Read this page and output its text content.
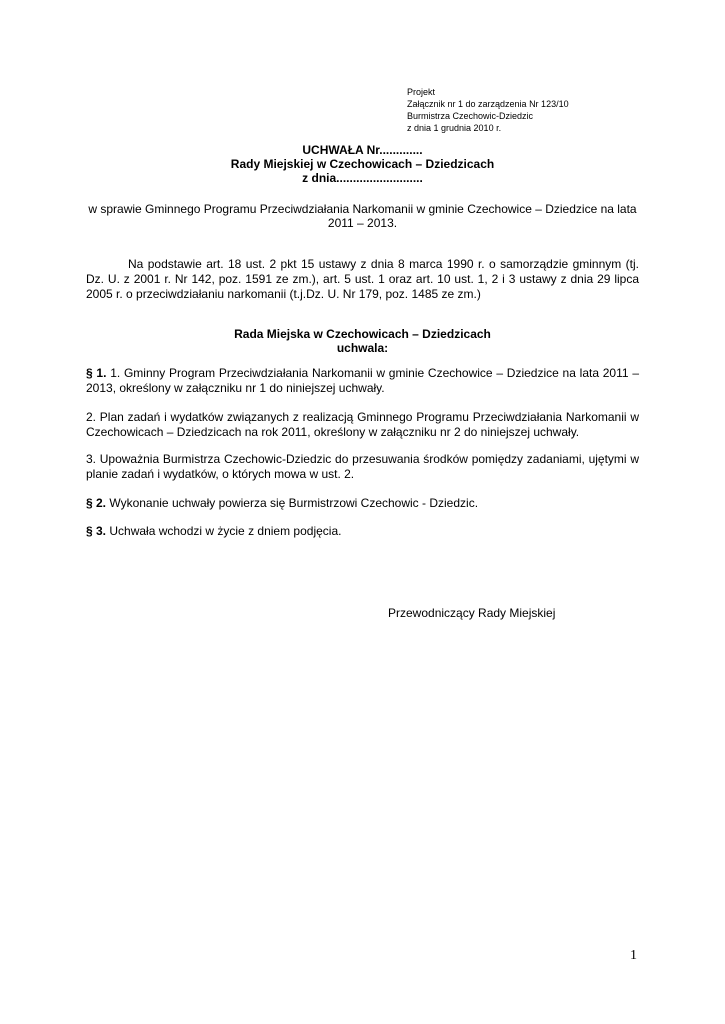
Projekt
Załącznik nr 1 do zarządzenia Nr 123/10
Burmistrza Czechowic-Dziedzic
z dnia 1 grudnia 2010 r.
UCHWAŁA Nr.............
Rady Miejskiej w Czechowicach – Dziedzicach
z dnia..........................
w sprawie Gminnego Programu Przeciwdziałania Narkomanii w gminie Czechowice – Dziedzice na lata 2011 – 2013.
Na podstawie art. 18 ust. 2 pkt 15 ustawy z dnia 8 marca 1990 r. o samorządzie gminnym (tj. Dz. U. z 2001 r. Nr 142, poz. 1591 ze zm.), art. 5 ust. 1 oraz art. 10 ust. 1, 2 i 3 ustawy z dnia 29 lipca 2005 r. o przeciwdziałaniu narkomanii (t.j.Dz. U. Nr 179, poz. 1485 ze zm.)
Rada Miejska w Czechowicach – Dziedzicach
uchwala:
§ 1. 1. Gminny Program Przeciwdziałania Narkomanii w gminie Czechowice – Dziedzice na lata 2011 – 2013, określony w załączniku nr 1 do niniejszej uchwały.
2. Plan zadań i wydatków związanych z realizacją Gminnego Programu Przeciwdziałania Narkomanii w Czechowicach – Dziedzicach na rok 2011, określony w załączniku nr 2 do niniejszej uchwały.
3. Upoważnia Burmistrza Czechowic-Dziedzic do przesuwania środków pomiędzy zadaniami, ujętymi w planie zadań i wydatków, o których mowa w ust. 2.
§ 2. Wykonanie uchwały powierza się Burmistrzowi Czechowic - Dziedzic.
§ 3. Uchwała wchodzi w życie z dniem podjęcia.
Przewodniczący Rady Miejskiej
1
